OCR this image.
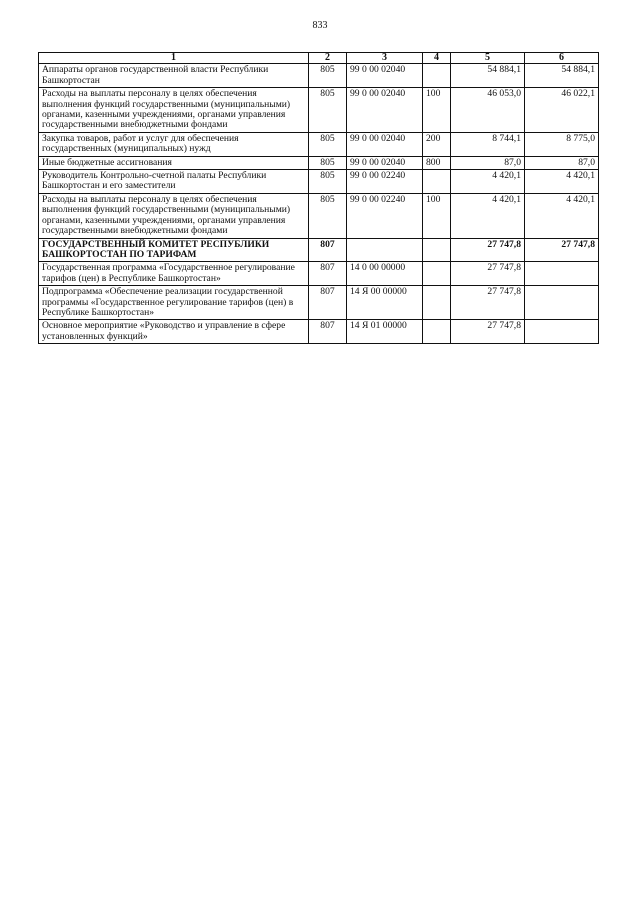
833
1	2	3	4	5	6
Аппараты органов государственной власти Республики Башкортостан	805	99 0 00 02040		54 884,1	54 884,1
Расходы на выплаты персоналу в целях обеспечения выполнения функций государственными (муниципальными) органами, казенными учреждениями, органами управления государственными внебюджетными фондами	805	99 0 00 02040	100	46 053,0	46 022,1
Закупка товаров, работ и услуг для обеспечения государственных (муниципальных) нужд	805	99 0 00 02040	200	8 744,1	8 775,0
Иные бюджетные ассигнования	805	99 0 00 02040	800	87,0	87,0
Руководитель Контрольно-счетной палаты Республики Башкортостан и его заместители	805	99 0 00 02240		4 420,1	4 420,1
Расходы на выплаты персоналу в целях обеспечения выполнения функций государственными (муниципальными) органами, казенными учреждениями, органами управления государственными внебюджетными фондами	805	99 0 00 02240	100	4 420,1	4 420,1
ГОСУДАРСТВЕННЫЙ КОМИТЕТ РЕСПУБЛИКИ БАШКОРТОСТАН ПО ТАРИФАМ	807			27 747,8	27 747,8
Государственная программа «Государственное регулирование тарифов (цен) в Республике Башкортостан»	807	14 0 00 00000		27 747,8	
Подпрограмма «Обеспечение реализации государственной программы «Государственное регулирование тарифов (цен) в Республике Башкортостан»	807	14 Я 00 00000		27 747,8	
Основное мероприятие «Руководство и управление в сфере установленных функций»	807	14 Я 01 00000		27 747,8	
